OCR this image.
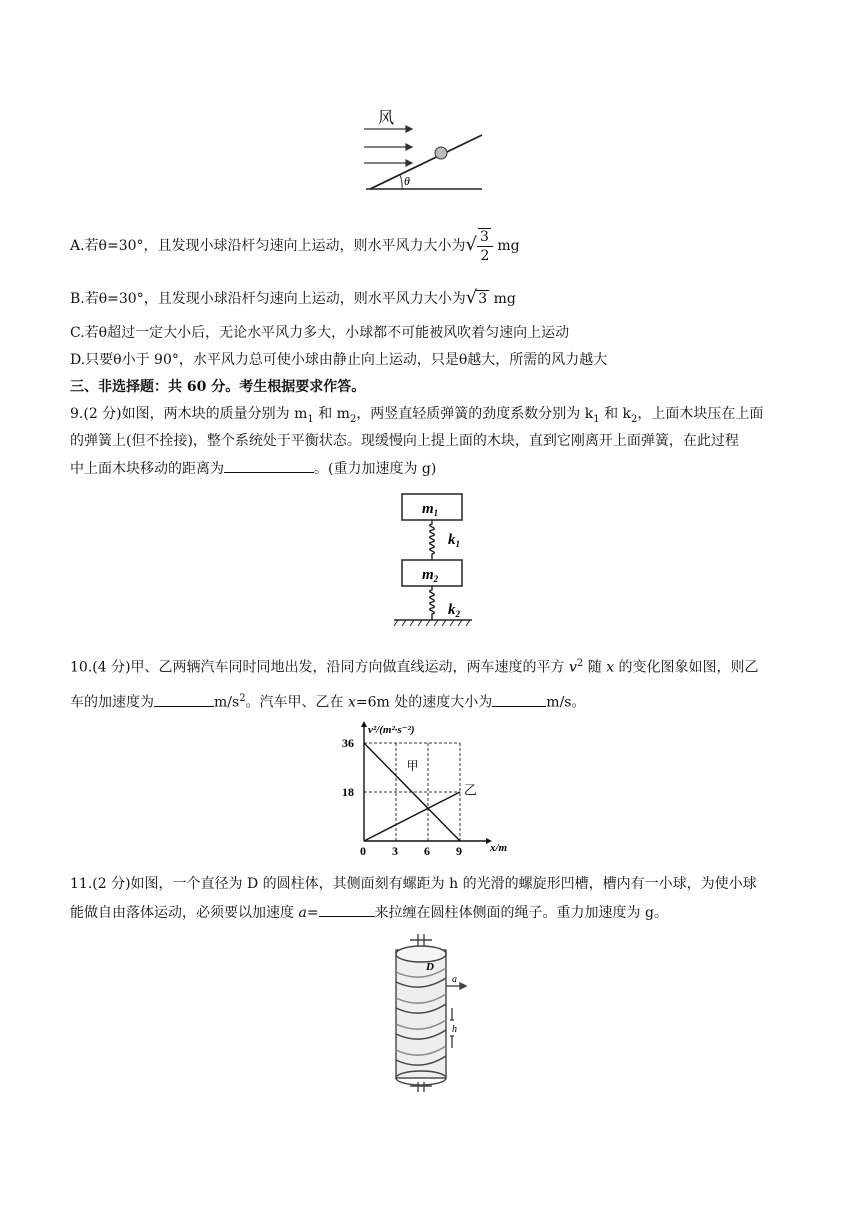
风
θ
A.若θ=30°，且发现小球沿杆匀速向上运动，则水平风力大小为√ $\frac{3}{2}$ mg
B.若θ=30°，且发现小球沿杆匀速向上运动，则水平风力大小为√3 mg
C.若θ超过一定大小后，无论水平风力多大，小球都不可能被风吹着匀速向上运动
D.只要θ小于 90°，水平风力总可使小球由静止向上运动，只是θ越大，所需的风力越大
三、非选择题：共 60 分。考生根据要求作答。
9.(2 分)如图，两木块的质量分别为 $m_1$ 和 $m_2$，两竖直轻质弹簧的劲度系数分别为 $k_1$ 和 $k_2$，上面木块压在上面
的弹簧上(但不拴接)，整个系统处于平衡状态。现缓慢向上提上面的木块，直到它刚离开上面弹簧，在此过程
中上面木块移动的距离为	。(重力加速度为 g)
$m_1$
$k_1$
$m_2$
$k_2$
10.(4 分)甲、乙两辆汽车同时同地出发，沿同方向做直线运动，两车速度的平方 $v^2$ 随 x 的变化图象如图，则乙
车的加速度为	$m/s^2$。汽车甲、乙在 x=6m 处的速度大小为	m/s。
0 3 6 9
18
36
v²/(m²·s⁻²)
x/m
甲
乙
11.(2 分)如图，一个直径为 D 的圆柱体，其侧面刻有螺距为 h 的光滑的螺旋形凹槽，槽内有一小球，为使小球
能做自由落体运动，必须要以加速度 a=	来拉缠在圆柱体侧面的绳子。重力加速度为 g。
D
a
h
